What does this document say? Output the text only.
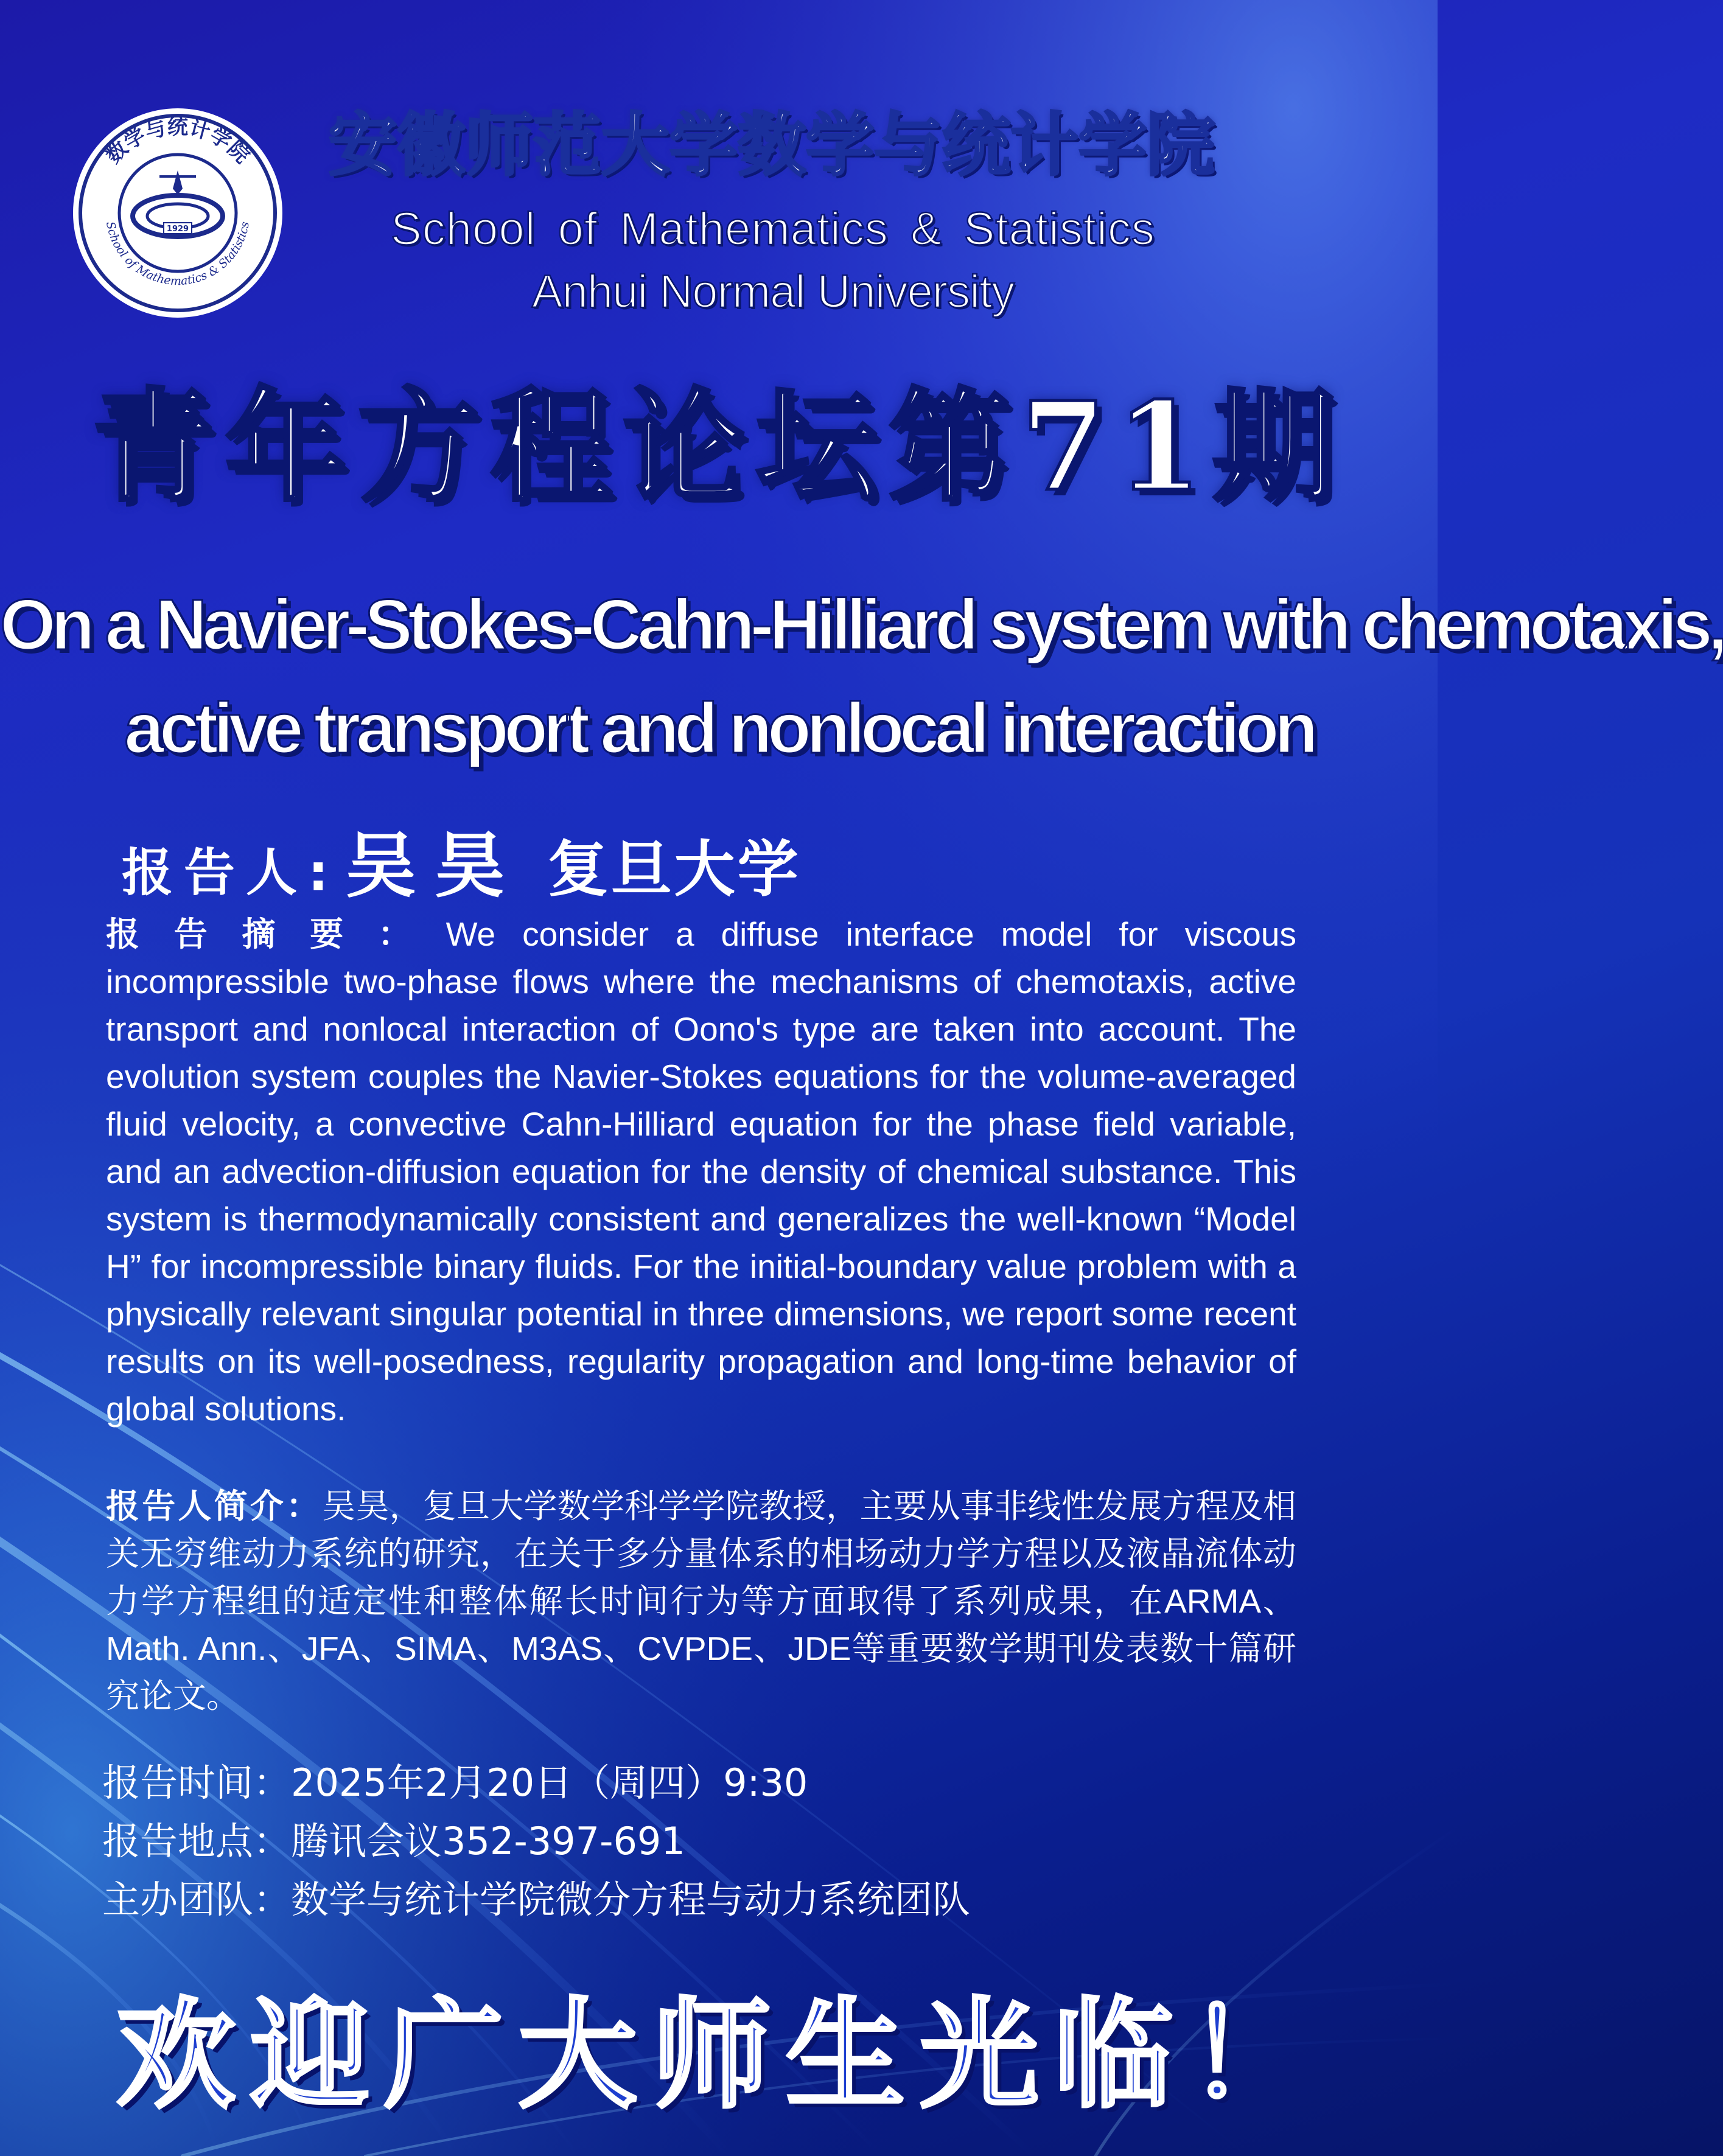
数学与统计学院
School of Mathematics & Statistics
1929
安徽师范大学数学与统计学院
School of Mathematics & Statistics
Anhui Normal University
青年方程论坛第71期
On a Navier-Stokes-Cahn-Hilliard system with chemotaxis,
active transport and nonlocal interaction
报告人:吴昊 复旦大学
报告摘要：We consider a diffuse interface model for viscous incompressible two-phase flows where the mechanisms of chemotaxis, active transport and nonlocal interaction of Oono's type are taken into account. The evolution system couples the Navier-Stokes equations for the volume-averaged fluid velocity, a convective Cahn-Hilliard equation for the phase field variable, and an advection-diffusion equation for the density of chemical substance. This system is thermodynamically consistent and generalizes the well-known “Model H” for incompressible binary fluids. For the initial-boundary value problem with a physically relevant singular potential in three dimensions, we report some recent results on its well-posedness, regularity propagation and long-time behavior of global solutions.
报告人简介：吴昊，复旦大学数学科学学院教授，主要从事非线性发展方程及相关无穷维动力系统的研究，在关于多分量体系的相场动力学方程以及液晶流体动力学方程组的适定性和整体解长时间行为等方面取得了系列成果，在ARMA、Math. Ann.、JFA、SIMA、M3AS、CVPDE、JDE等重要数学期刊发表数十篇研究论文。
报告时间：2025年2月20日（周四）9:30
报告地点：腾讯会议352-397-691
主办团队：数学与统计学院微分方程与动力系统团队
欢迎广大师生光临！
